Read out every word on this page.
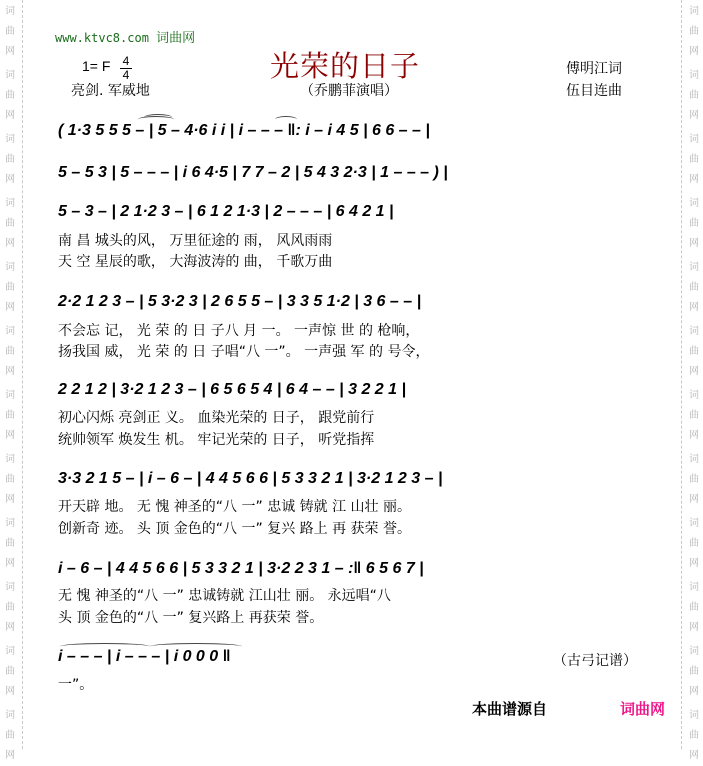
词
曲
网
词
曲
网
词
曲
网
词
曲
网
词
曲
网
词
曲
网
词
曲
网
词
曲
网
词
曲
网
词
曲
网
词
曲
网
词
曲
网
词
曲
网
词
曲
网
词
曲
网
词
曲
网
词
曲
网
词
曲
网
词
曲
网
词
曲
网
词
曲
网
词
曲
网
词
曲
网
词
曲
网
www.ktvc8.com 词曲网
1= F 4
4
亮剑. 军威地
光荣的日子
（乔鹏菲演唱）
傅明江词
伍目连曲
( 1·3 5 5 5 – | 5 – 4·6 i i | i – – – ‖: i – i 4 5 | 6 6 – – |
5 – 5 3 | 5 – – – | i 6 4·5 | 7 7 – 2 | 5 4 3 2·3 | 1 – – – ) |
5 – 3 – | 2 1·2 3 – | 6 1 2 1·3 | 2 – – – | 6 4 2 1 |
南 昌 城头的风， 万里征途的 雨， 风风雨雨
天 空 星辰的歌， 大海波涛的 曲， 千歌万曲
2·2 1 2 3 – | 5 3·2 3 | 2 6 5 5 – | 3 3 5 1·2 | 3 6 – – |
不会忘 记， 光 荣 的 日 子八 月 一。 一声惊 世 的 枪响，
扬我国 威， 光 荣 的 日 子唱“八 一”。 一声强 军 的 号令，
2 2 1 2 | 3·2 1 2 3 – | 6 5 6 5 4 | 6 4 – – | 3 2 2 1 |
初心闪烁 亮剑正 义。 血染光荣的 日子， 跟党前行
统帅领军 焕发生 机。 牢记光荣的 日子， 听党指挥
3·3 2 1 5 – | i – 6 – | 4 4 5 6 6 | 5 3 3 2 1 | 3·2 1 2 3 – |
开天辟 地。 无 愧 神圣的“八 一” 忠诚 铸就 江 山壮 丽。
创新奇 迹。 头 顶 金色的“八 一” 复兴 路上 再 获荣 誉。
i – 6 – | 4 4 5 6 6 | 5 3 3 2 1 | 3·2 2 3 1 – :‖ 6 5 6 7 |
无 愧 神圣的“八 一” 忠诚铸就 江山壮 丽。 永远唱“八
头 顶 金色的“八 一” 复兴路上 再获荣 誉。
i – – – | i – – – | i 0 0 0 ‖
一”。
（古弓记谱）
本曲谱源自	词曲网
